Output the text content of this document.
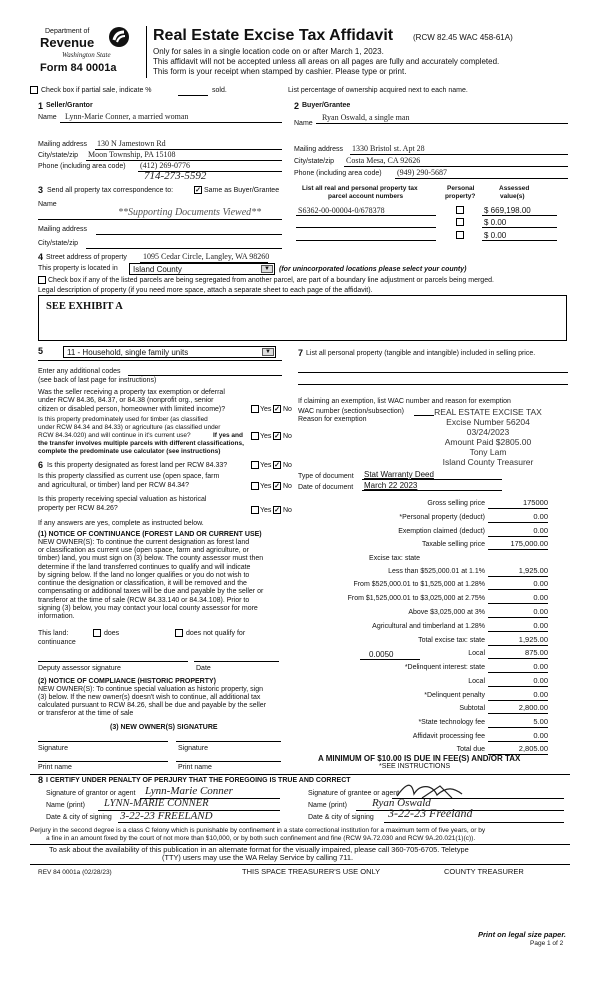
Department of
Revenue
Washington State
Form 84 0001a
Real Estate Excise Tax Affidavit (RCW 82.45 WAC 458-61A)
Only for sales in a single location code on or after March 1, 2023.
This affidavit will not be accepted unless all areas on all pages are fully and accurately completed.
This form is your receipt when stamped by cashier. Please type or print.
Check box if partial sale, indicate %	sold.	List percentage of ownership acquired next to each name.
1 Seller/Grantor
Name Lynn-Marie Conner, a married woman
Mailing address 130 N Jamestown Rd
City/state/zip Moon Township, PA 15108
Phone (including area code) (412) 269-0776
714-273-5592
2 Buyer/Grantee
Name
Ryan Oswald, a single man
Mailing address 1330 Bristol st. Apt 28
City/state/zip Costa Mesa, CA 92626
Phone (including area code) (949) 290-5687
List all real and personal property tax
parcel account numbers
Personal
property?
Assessed
value(s)
S6362-00-00004-0/678378	$ 669,198.00
$ 0.00
$ 0.00
3 Send all property tax correspondence to:	✓ Same as Buyer/Grantee
Name
**Supporting Documents Viewed**
Mailing address
City/state/zip
4 Street address of property 1095 Cedar Circle, Langley, WA 98260
This property is located in	Island County	▼	(for unincorporated locations please select your county)
Check box if any of the listed parcels are being segregated from another parcel, are part of a boundary line adjustment or parcels being merged.
Legal description of property (if you need more space, attach a separate sheet to each page of the affidavit).
SEE EXHIBIT A
5	11 - Household, single family units	▼
Enter any additional codes
(see back of last page for instructions)
Was the seller receiving a property tax exemption or deferral
under RCW 84.36, 84.37, or 84.38 (nonprofit org., senior
citizen or disabled person, homeowner with limited income)?	Yes ✓ No
Is this property predominately used for timber (as classified
under RCW 84.34 and 84.33) or agriculture (as classified under
RCW 84.34.020) and will continue in it's current use?	If yes and Yes ✓ No
the transfer involves multiple parcels with different classifications,
complete the predominate use calculator (see instructions)
6 Is this property designated as forest land per RCW 84.33?	Yes ✓ No
Is this property classified as current use (open space, farm
and agricultural, or timber) land per RCW 84.34?	Yes ✓ No
Is this property receiving special valuation as historical
property per RCW 84.26?	Yes ✓ No
If any answers are yes, complete as instructed below.
(1) NOTICE OF CONTINUANCE (FOREST LAND OR CURRENT USE)
NEW OWNER(S): To continue the current designation as forest land
or classification as current use (open space, farm and agriculture, or
timber) land, you must sign on (3) below. The county assessor must then
determine if the land transferred continues to qualify and will indicate
by signing below. If the land no longer qualifies or you do not wish to
continue the designation or classification, it will be removed and the
compensating or additional taxes will be due and payable by the seller or
transferor at the time of sale (RCW 84.33.140 or 84.34.108). Prior to
signing (3) below, you may contact your local county assessor for more
information.
This land:	does	does not qualify for
continuance
Deputy assessor signature	Date
(2) NOTICE OF COMPLIANCE (HISTORIC PROPERTY)
NEW OWNER(S): To continue special valuation as historic property, sign
(3) below. If the new owner(s) doesn't wish to continue, all additional tax
calculated pursuant to RCW 84.26, shall be due and payable by the seller
or transferor at the time of sale
(3) NEW OWNER(S) SIGNATURE
Signature	Signature
Print name	Print name
7 List all personal property (tangible and intangible) included in selling price.
If claiming an exemption, list WAC number and reason for exemption
WAC number (section/subsection)
Reason for exemption
REAL ESTATE EXCISE TAX
Excise Number 56204
03/24/2023
Amount Paid $2805.00
Tony Lam
Island County Treasurer
Type of document Stat Warranty Deed
Date of document March 22 2023
Gross selling price	175000
*Personal property (deduct)	0.00
Exemption claimed (deduct)	0.00
Taxable selling price	175,000.00
Excise tax: state
Less than $525,000.01 at 1.1%	1,925.00
From $525,000.01 to $1,525,000 at 1.28%	0.00
From $1,525,000.01 to $3,025,000 at 2.75%	0.00
Above $3,025,000 at 3%	0.00
Agricultural and timberland at 1.28%	0.00
Total excise tax: state	1,925.00
Local	875.00
*Delinquent interest: state	0.00
Local	0.00
*Delinquent penalty	0.00
Subtotal	2,800.00
*State technology fee	5.00
Affidavit processing fee	0.00
Total due	2,805.00
0.0050
A MINIMUM OF $10.00 IS DUE IN FEE(S) AND/OR TAX
*SEE INSTRUCTIONS
8 I CERTIFY UNDER PENALTY OF PERJURY THAT THE FOREGOING IS TRUE AND CORRECT
Signature of grantor or agent Lynn-Marie Conner
Name (print) LYNN-MARIE CONNER
Date & city of signing 3-22-23 FREELAND
Signature of grantee or agent
Name (print) Ryan Oswald
Date & city of signing 3-22-23 Freeland
Perjury in the second degree is a class C felony which is punishable by confinement in a state correctional institution for a maximum term of five years, or by
a fine in an amount fixed by the court of not more than $10,000, or by both such confinement and fine (RCW 9A.72.030 and RCW 9A.20.021(1)(c)).
To ask about the availability of this publication in an alternate format for the visually impaired, please call 360-705-6705. Teletype
(TTY) users may use the WA Relay Service by calling 711.
REV 84 0001a (02/28/23)	THIS SPACE TREASURER'S USE ONLY	COUNTY TREASURER
Print on legal size paper.
Page 1 of 2
